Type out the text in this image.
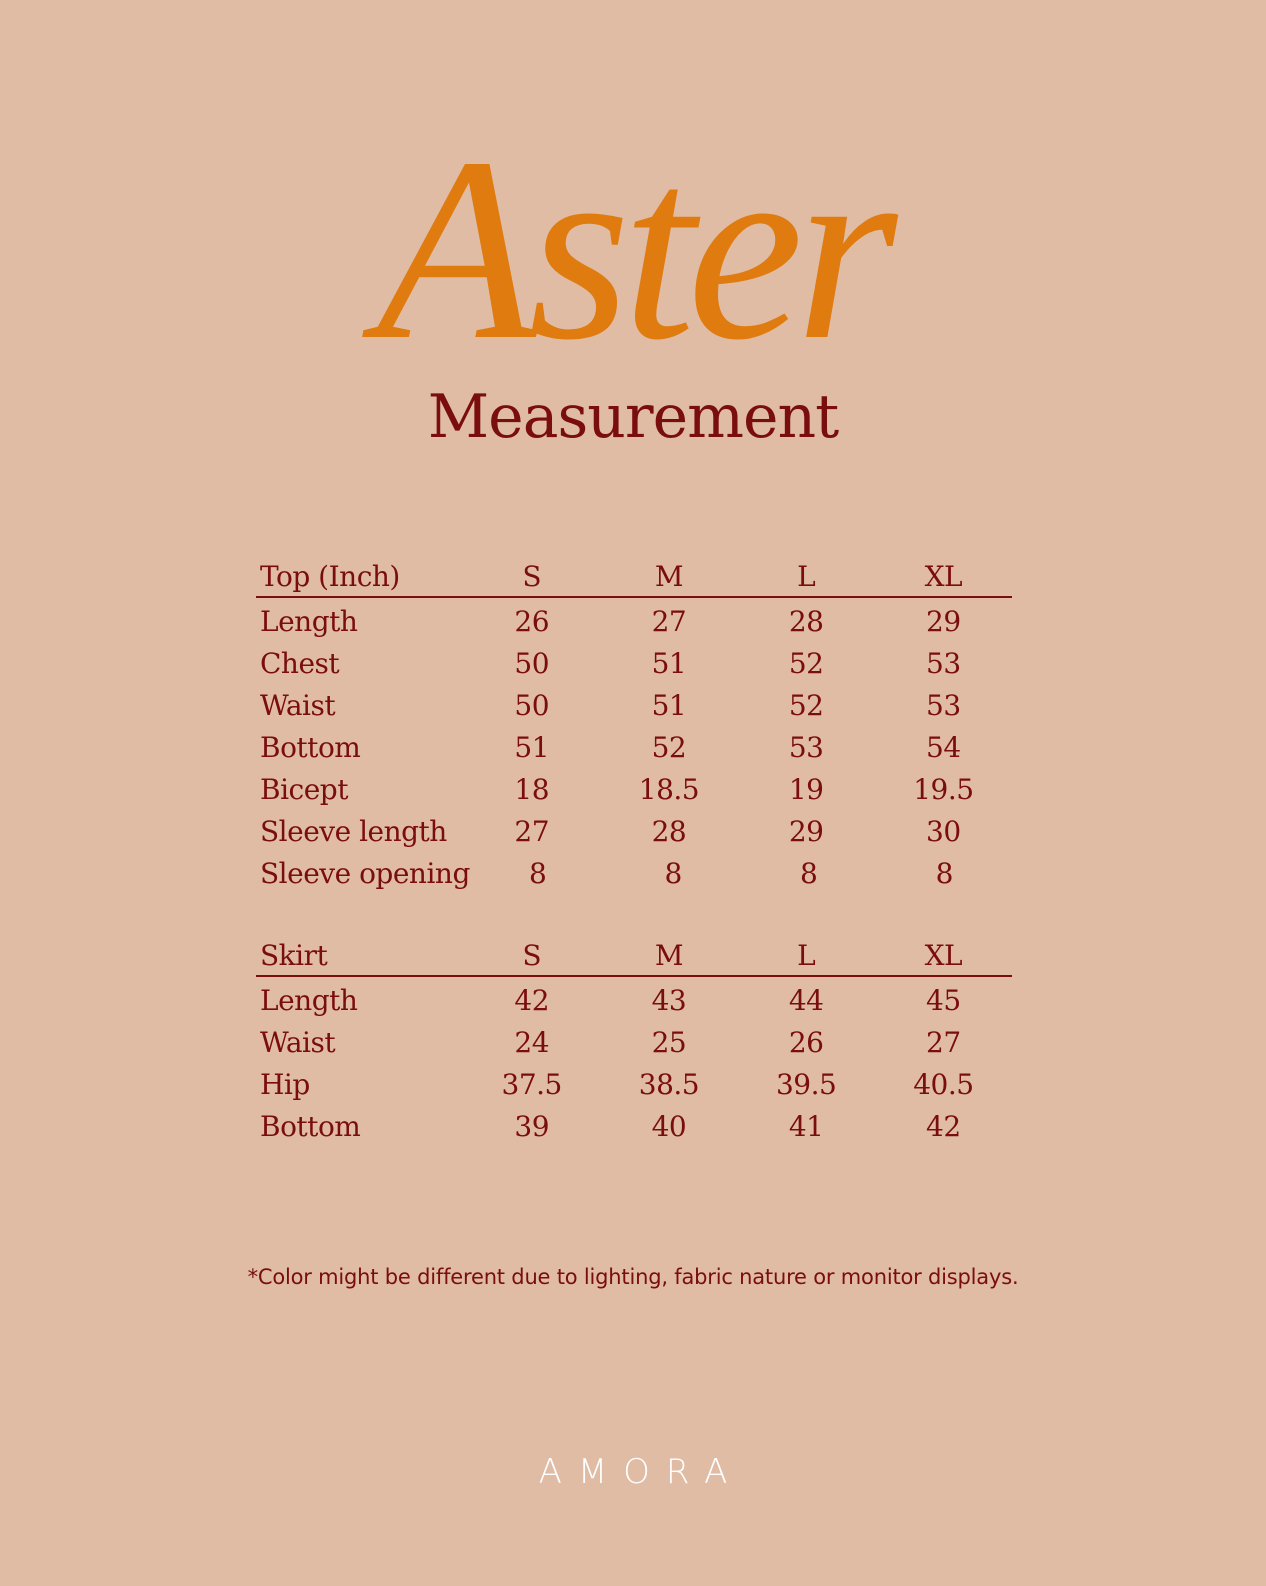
Aster
Measurement
Top (Inch)	S	M	L	XL
Length	26	27	28	29
Chest	50	51	52	53
Waist	50	51	52	53
Bottom	51	52	53	54
Bicept	18	18.5	19	19.5
Sleeve length	27	28	29	30
Sleeve opening	8	8	8	8
Skirt	S	M	L	XL
Length	42	43	44	45
Waist	24	25	26	27
Hip	37.5	38.5	39.5	40.5
Bottom	39	40	41	42
*Color might be different due to lighting, fabric nature or monitor displays.
AMORA
